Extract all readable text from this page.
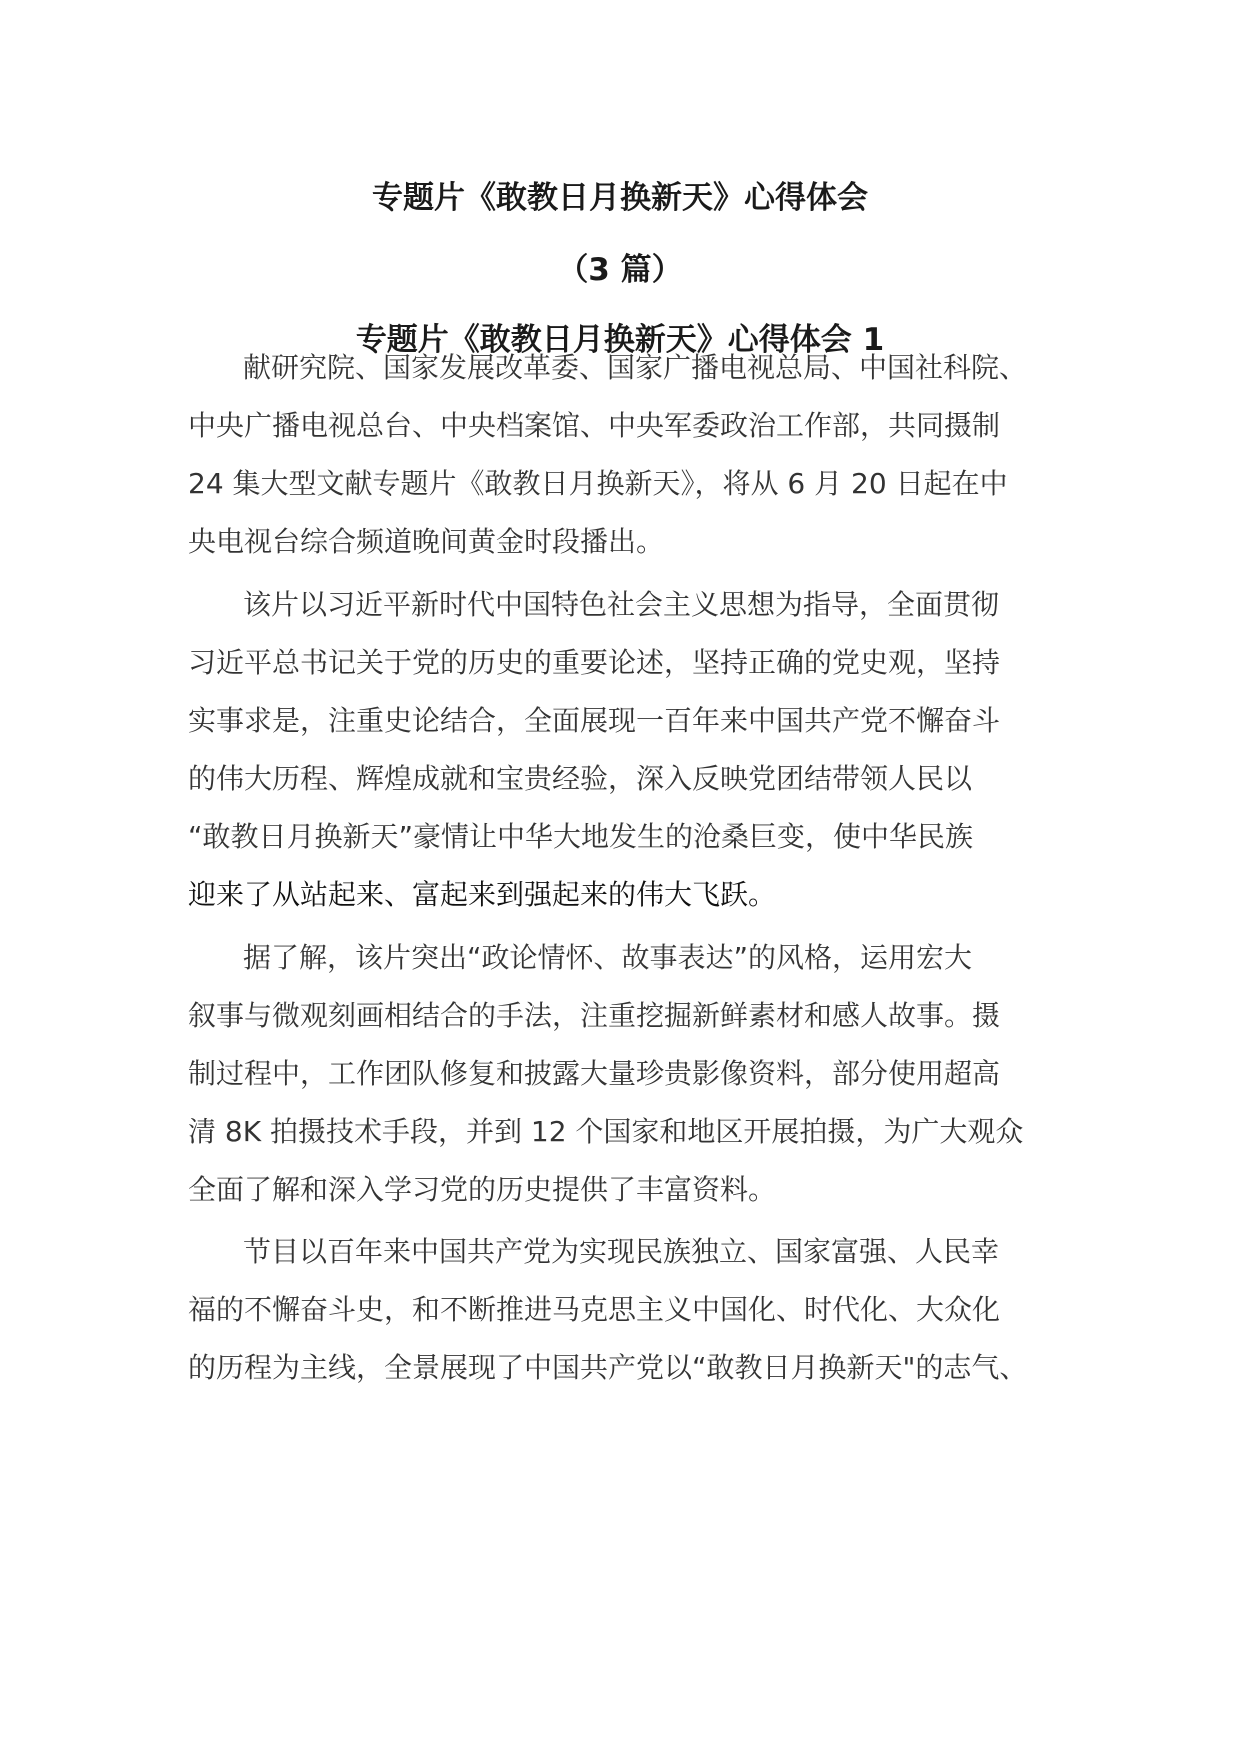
专题片《敢教日月换新天》心得体会
（3 篇）
专题片《敢教日月换新天》心得体会 1
献研究院、国家发展改革委、国家广播电视总局、中国社科院、
中央广播电视总台、中央档案馆、中央军委政治工作部，共同摄制
24 集大型文献专题片《敢教日月换新天》，将从 6 月 20 日起在中
央电视台综合频道晚间黄金时段播出。
该片以习近平新时代中国特色社会主义思想为指导，全面贯彻
习近平总书记关于党的历史的重要论述，坚持正确的党史观，坚持
实事求是，注重史论结合，全面展现一百年来中国共产党不懈奋斗
的伟大历程、辉煌成就和宝贵经验，深入反映党团结带领人民以
“敢教日月换新天”豪情让中华大地发生的沧桑巨变，使中华民族
迎来了从站起来、富起来到强起来的伟大飞跃。
据了解，该片突出“政论情怀、故事表达”的风格，运用宏大
叙事与微观刻画相结合的手法，注重挖掘新鲜素材和感人故事。摄
制过程中，工作团队修复和披露大量珍贵影像资料，部分使用超高
清 8K 拍摄技术手段，并到 12 个国家和地区开展拍摄，为广大观众
全面了解和深入学习党的历史提供了丰富资料。
节目以百年来中国共产党为实现民族独立、国家富强、人民幸
福的不懈奋斗史，和不断推进马克思主义中国化、时代化、大众化
的历程为主线，全景展现了中国共产党以“敢教日月换新天"的志气、
